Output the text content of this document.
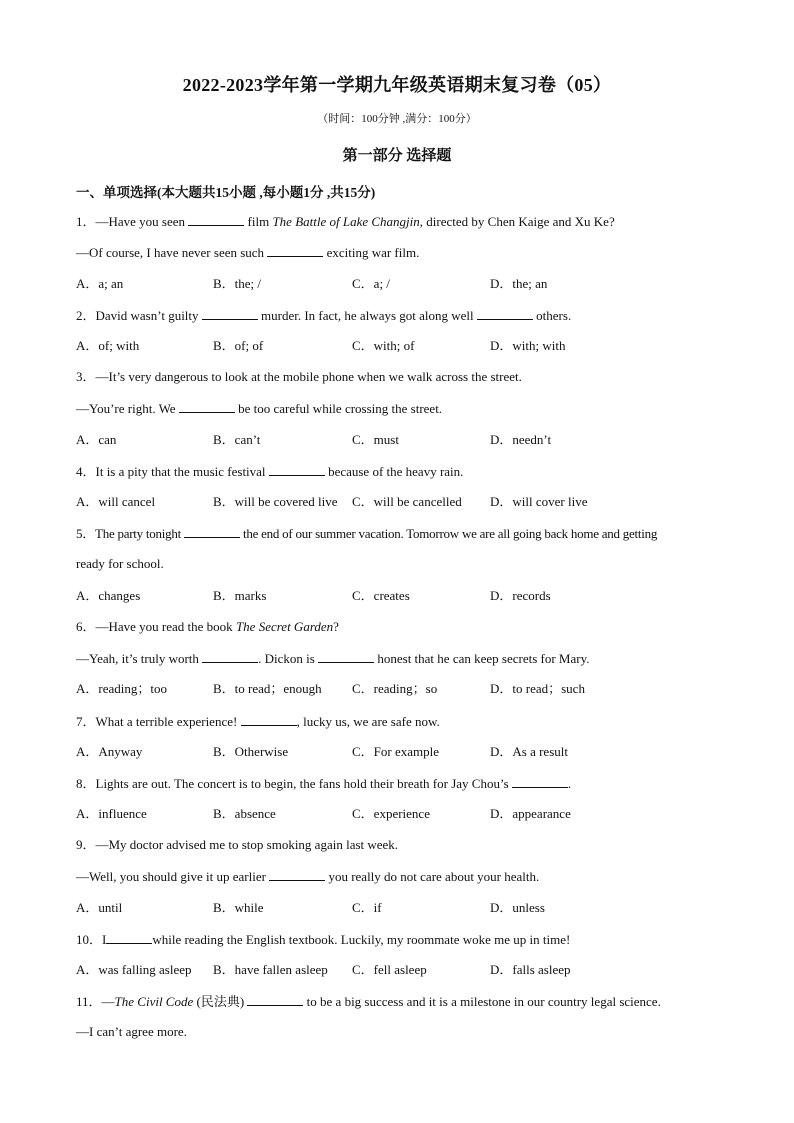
2022-2023学年第一学期九年级英语期末复习卷（05）
（时间：100分钟 ,满分：100分）
第一部分 选择题
一、单项选择(本大题共15小题 ,每小题1分 ,共15分)
1．—Have you seen	film The Battle of Lake Changjin, directed by Chen Kaige and Xu Ke?
—Of course, I have never seen such	exciting war film.
A．a; an	B．the; /	C．a; /	D．the; an
2．David wasn’t guilty	murder. In fact, he always got along well	others.
A．of; with	B．of; of	C．with; of	D．with; with
3．—It’s very dangerous to look at the mobile phone when we walk across the street.
—You’re right. We	be too careful while crossing the street.
A．can	B．can’t	C．must	D．needn’t
4．It is a pity that the music festival	because of the heavy rain.
A．will cancel	B．will be covered live C．will be cancelled D．will cover live
5．The party tonight	the end of our summer vacation. Tomorrow we are all going back home and getting
ready for school.
A．changes	B．marks	C．creates	D．records
6．—Have you read the book The Secret Garden?
—Yeah, it’s truly worth	. Dickon is	honest that he can keep secrets for Mary.
A．reading；too	B．to read；enough C．reading；so	D．to read；such
7．What a terrible experience!	, lucky us, we are safe now.
A．Anyway	B．Otherwise	C．For example	D．As a result
8．Lights are out. The concert is to begin, the fans hold their breath for Jay Chou’s	.
A．influence	B．absence	C．experience	D．appearance
9．—My doctor advised me to stop smoking again last week.
—Well, you should give it up earlier	you really do not care about your health.
A．until	B．while	C．if	D．unless
10．I	while reading the English textbook. Luckily, my roommate woke me up in time!
A．was falling asleep B．have fallen asleep C．fell asleep	D．falls asleep
11．—The Civil Code (民法典)	to be a big success and it is a milestone in our country legal science.
—I can’t agree more.
